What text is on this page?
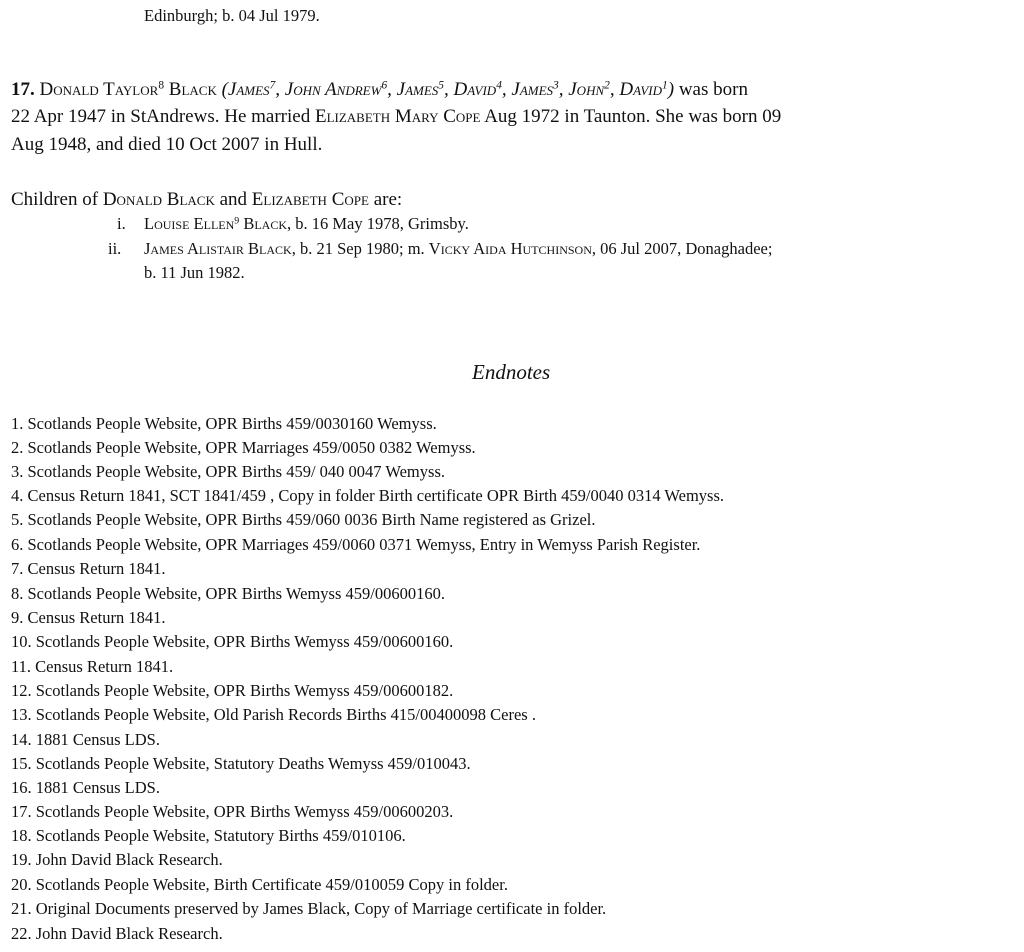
Edinburgh; b. 04 Jul 1979.
17. Donald Taylor$^8$ Black (James$^7$, John Andrew$^6$, James$^5$, David$^4$, James$^3$, John$^2$, David$^1$) was born
22 Apr 1947 in StAndrews. He married Elizabeth Mary Cope Aug 1972 in Taunton. She was born 09
Aug 1948, and died 10 Oct 2007 in Hull.
Children of Donald Black and Elizabeth Cope are:
i. Louise Ellen$^9$ Black, b. 16 May 1978, Grimsby.
ii. James Alistair Black, b. 21 Sep 1980; m. Vicky Aida Hutchinson, 06 Jul 2007, Donaghadee;
b. 11 Jun 1982.
Endnotes
1. Scotlands People Website, OPR Births 459/0030160 Wemyss.
2. Scotlands People Website, OPR Marriages 459/0050 0382 Wemyss.
3. Scotlands People Website, OPR Births 459/ 040 0047 Wemyss.
4. Census Return 1841, SCT 1841/459 , Copy in folder Birth certificate OPR Birth 459/0040 0314 Wemyss.
5. Scotlands People Website, OPR Births 459/060 0036 Birth Name registered as Grizel.
6. Scotlands People Website, OPR Marriages 459/0060 0371 Wemyss, Entry in Wemyss Parish Register.
7. Census Return 1841.
8. Scotlands People Website, OPR Births Wemyss 459/00600160.
9. Census Return 1841.
10. Scotlands People Website, OPR Births Wemyss 459/00600160.
11. Census Return 1841.
12. Scotlands People Website, OPR Births Wemyss 459/00600182.
13. Scotlands People Website, Old Parish Records Births 415/00400098 Ceres .
14. 1881 Census LDS.
15. Scotlands People Website, Statutory Deaths Wemyss 459/010043.
16. 1881 Census LDS.
17. Scotlands People Website, OPR Births Wemyss 459/00600203.
18. Scotlands People Website, Statutory Births 459/010106.
19. John David Black Research.
20. Scotlands People Website, Birth Certificate 459/010059 Copy in folder.
21. Original Documents preserved by James Black, Copy of Marriage certificate in folder.
22. John David Black Research.
